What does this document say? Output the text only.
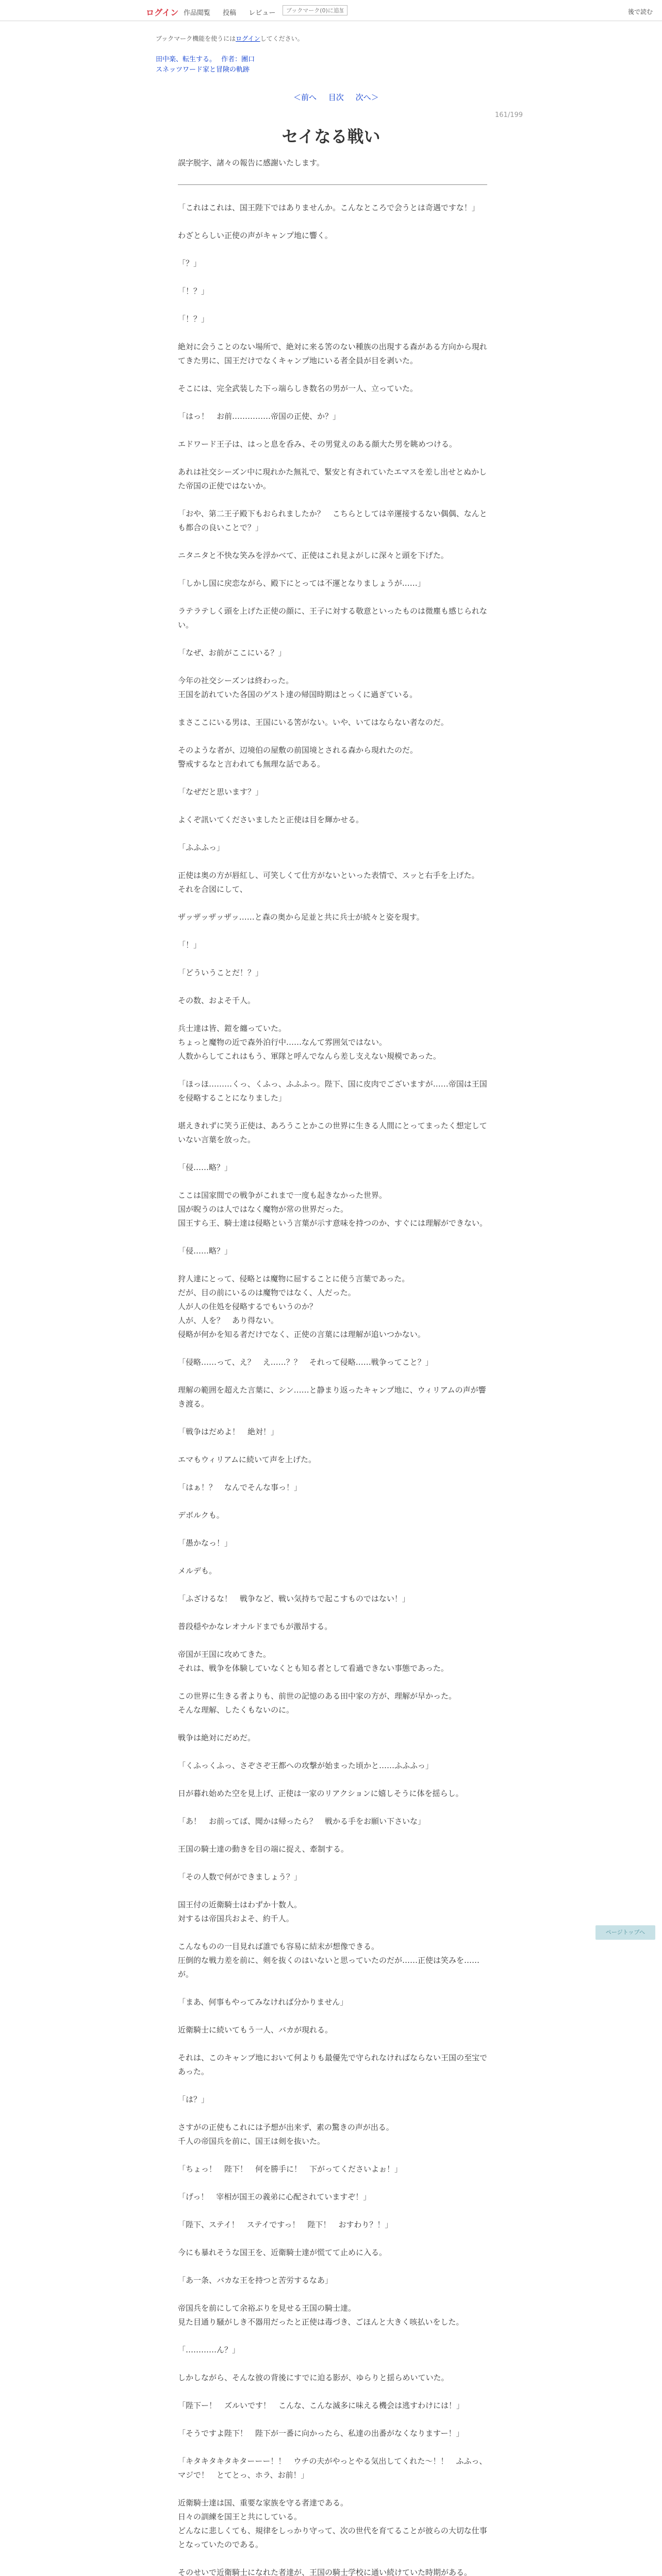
ログイン 作品閲覧 投稿 レビュー
ブックマーク(0)に追加	後で読む
ブックマーク機能を使うにはログインしてください。
田中楽、転生する。 作者：團口
スネッツワード家と冒険の軌跡
＜前へ 目次 次へ＞
161/199
セイなる戦い
誤字脱字、諸々の報告に感謝いたします。
「これはこれは、国王陛下ではありませんか。こんなところで会うとは奇遇ですな！」

わざとらしい正使の声がキャンプ地に響く。

「？」

「！？」

「！？」

絶対に会うことのない場所で、絶対に来る筈のない種族の出現する森がある方向から現れてきた男に、国王だけでなくキャンプ地にいる者全員が目を剥いた。

そこには、完全武装した下っ端らしき数名の男が一人、立っていた。

「はっ！　お前……………帝国の正使、か？」

エドワード王子は、はっと息を呑み、その男覚えのある顔大た男を眺めつける。

あれは社交シーズン中に現れかた無礼で、緊安と有されていたエマスを差し出せとぬかした帝国の正使ではないか。

「おや、第二王子殿下もおられましたか？　こちらとしては辛運接するない偶偶、なんとも都合の良いことで？」

ニタニタと不快な笑みを浮かべて、正使はこれ見よがしに深々と頭を下げた。

「しかし国に戻恋ながら、殿下にとっては不運となりましょうが……」

ラテラテしく頭を上げた正使の顔に、王子に対する敬意といったものは微塵も感じられない。

「なぜ、お前がここにいる？」

今年の社交シーズンは終わった。
王国を訪れていた各国のゲスト達の帰国時期はとっくに過ぎている。

まさここにいる男は、王国にいる筈がない。いや、いてはならない者なのだ。

そのような者が、辺境伯の屋敷の前国境とされる森から現れたのだ。
警戒するなと言われても無理な話である。

「なぜだと思います？」

よくぞ訊いてくださいましたと正使は目を輝かせる。

「ふふふっ」

正使は奥の方が唇紅し、可笑しくて仕方がないといった表情で、スッと右手を上げた。
それを合図にして、

ザッザッザッザッ……と森の奥から足並と共に兵士が続々と姿を現す。

「！」

「どういうことだ！？」

その数、およそ千人。

兵士達は皆、鎧を纏っていた。
ちょっと魔物の近で森外泊行中……なんて雰囲気ではない。
人数からしてこれはもう、軍隊と呼んでなんら差し支えない規模であった。

「ほっほ………くっ、くふっ、ふふふっ。陛下、国に皮肉でございますが……帝国は王国を侵略することになりました」

堪えきれずに笑う正使は、あろうことかこの世界に生きる人間にとってまったく想定していない言葉を放った。

「侵……略？」

ここは国家間での戦争がこれまで一度も起きなかった世界。
国が睨うのは人ではなく魔物が常の世界だった。
国王すら王、騎士達は侵略という言葉が示す意味を持つのか、すぐには理解ができない。

「侵……略？」

狩人達にとって、侵略とは魔物に屈することに使う言葉であった。
だが、目の前にいるのは魔物ではなく、人だった。
人が人の住処を侵略するでもいうのか？
人が、人を？　あり得ない。
侵略が何かを知る者だけでなく、正使の言葉には理解が追いつかない。

「侵略……って、え？　え……？？　それって侵略……戦争ってこと？」

理解の範囲を超えた言葉に、シン……と静まり返ったキャンプ地に、ウィリアムの声が響き渡る。

「戦争はだめよ！　絶対！」

エマもウィリアムに続いて声を上げた。

「はぁ！？　なんでそんな事っ！」

デボルクも。

「愚かなっ！」

メルデも。

「ふざけるな！　戦争など、戦い気持ちで起こすものではない！」

普段穏やかなレオナルドまでもが激昂する。

帝国が王国に攻めてきた。
それは、戦争を体験していなくとも知る者として看過できない事態であった。

この世界に生きる者よりも、前世の記憶のある田中家の方が、理解が早かった。
そんな理解、したくもないのに。

戦争は絶対にだめだ。

「くふっくふっ、さぞさぞ王都への攻撃が始まった頃かと……ふふふっ」

日が暮れ始めた空を見上げ、正使は一家のリアクションに嬉しそうに体を揺らし。

「あ！　お前ってば、聞かは帰ったら？　戦かる手をお願い下さいな」

王国の騎士達の動きを目の端に捉え、牽制する。

「その人数で何ができましょう？」

国王付の近衛騎士はわずか十数人。
対するは帝国兵およそ、約千人。

こんなものの一目見れば誰でも容易に結末が想像できる。
圧倒的な戦力差を前に、剣を抜くのはいないと思っていたのだが……正使は笑みを……が。

「まあ、何事もやってみなければ分かりません」

近衛騎士に続いてもう一人、バカが現れる。

それは、このキャンプ地において何よりも最優先で守られなければならない王国の至宝であった。

「は？」

さすがの正使もこれには予想が出来ず、素の驚きの声が出る。
千人の帝国兵を前に、国王は剣を抜いた。

「ちょっ！　陛下！　何を勝手に！　下がってくださいよぉ！」

「げっ！　宰相が国王の義弟に心配されていますぞ！」

「陛下、ステイ！　ステイですっ！　陛下！　おすわり？！」

今にも暴れそうな国王を、近衛騎士達が慌てて止めに入る。

「あ一条、バカな王を持つと苦労するなあ」

帝国兵を前にして余裕ぶりを見せる王国の騎士達。
見た目通り騒がしき不器用だったと正使は毒づき、ごほんと大きく咳払いをした。

「…………ん？」

しかしながら、そんな彼の背後にすでに迫る影が、ゆらりと揺らめいていた。

「陛下ー！　ズルいです！　こんな、こんな滅多に味える機会は逃すわけには！」

「そうですよ陛下！　陛下が一番に向かったら、私達の出番がなくなりますー！」

「キタキタキタキターーー！！　ウチの夫がやっとやる気出してくれた〜！！　ふふっ、マジで！　とてとっ、ホラ、お前！」

近衛騎士達は国、重要な家族を守る者達である。
日々の訓練を国王と共にしている。
どんなに悲しくても、規律をしっかり守って、次の世代を育てることが彼らの大切な仕事となっていたのである。

そのせいで近衛騎士になれた者達が、王国の騎士学校に通い続けていた時期がある。

ページトップへ
